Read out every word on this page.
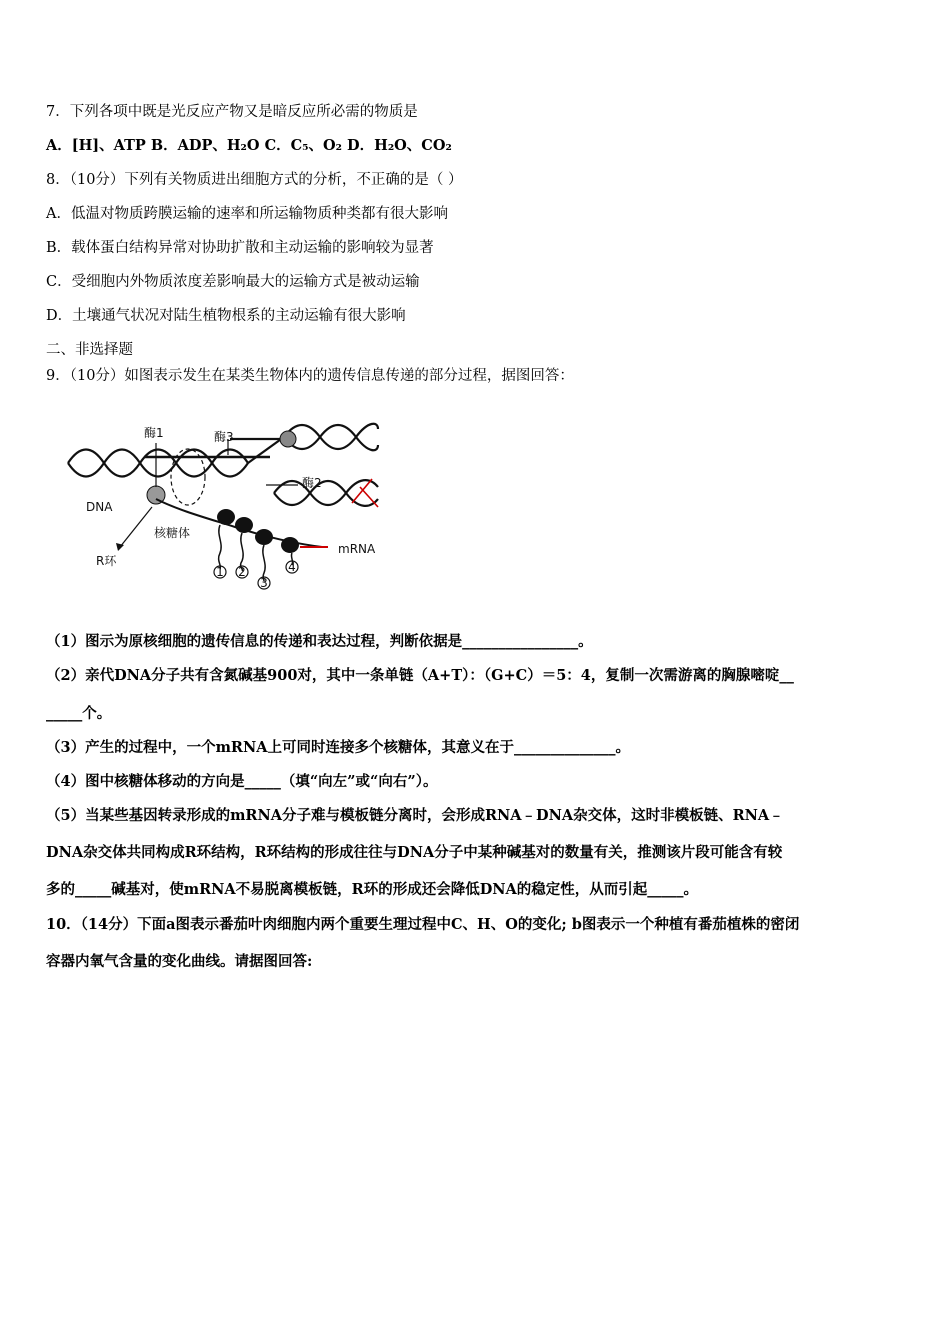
7．下列各项中既是光反应产物又是暗反应所必需的物质是
A．[H]、ATP B．ADP、H₂O C．C₅、O₂ D．H₂O、CO₂
8．（10分）下列有关物质进出细胞方式的分析，不正确的是（ ）
A．低温对物质跨膜运输的速率和所运输物质种类都有很大影响
B．载体蛋白结构异常对协助扩散和主动运输的影响较为显著
C．受细胞内外物质浓度差影响最大的运输方式是被动运输
D．土壤通气状况对陆生植物根系的主动运输有很大影响
二、非选择题
9．（10分）如图表示发生在某类生物体内的遗传信息传递的部分过程，据图回答：
1 2
3
4
酶1	酶3
酶2
DNA
核糖体
R环
mRNA
（1）图示为原核细胞的遗传信息的传递和表达过程，判断依据是________________。
（2）亲代DNA分子共有含氮碱基900对，其中一条单链（A+T）：（G+C）＝5：4，复制一次需游离的胸腺嘧啶__
_____个。
（3）产生的过程中，一个mRNA上可同时连接多个核糖体，其意义在于______________。
（4）图中核糖体移动的方向是_____（填“向左”或“向右”）。
（5）当某些基因转录形成的mRNA分子难与模板链分离时，会形成RNA﹣DNA杂交体，这时非模板链、RNA﹣
DNA杂交体共同构成R环结构，R环结构的形成往往与DNA分子中某种碱基对的数量有关，推测该片段可能含有较
多的_____碱基对，使mRNA不易脱离模板链，R环的形成还会降低DNA的稳定性，从而引起_____。
10．（14分）下面a图表示番茄叶肉细胞内两个重要生理过程中C、H、O的变化; b图表示一个种植有番茄植株的密闭
容器内氧气含量的变化曲线。请据图回答:
